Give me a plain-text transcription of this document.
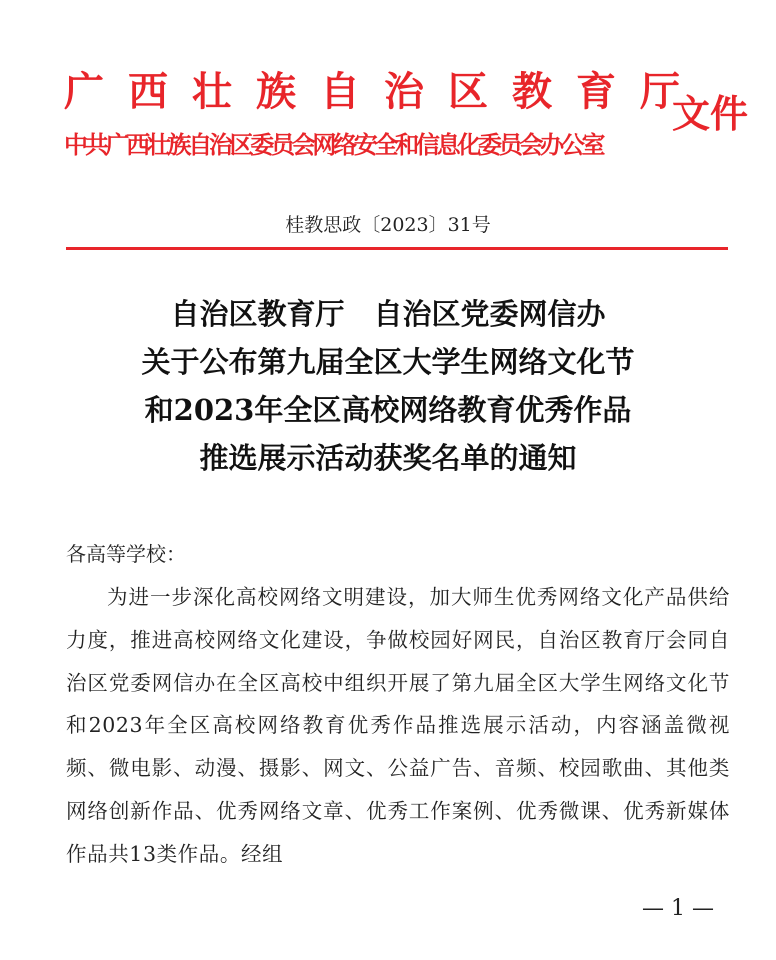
广西壮族自治区教育厅
中共广西壮族自治区委员会网络安全和信息化委员会办公室
文件
桂教思政〔2023〕31号
自治区教育厅　自治区党委网信办
关于公布第九届全区大学生网络文化节
和2023年全区高校网络教育优秀作品
推选展示活动获奖名单的通知
各高等学校：
为进一步深化高校网络文明建设，加大师生优秀网络文化产品供给力度，推进高校网络文化建设，争做校园好网民，自治区教育厅会同自治区党委网信办在全区高校中组织开展了第九届全区大学生网络文化节和2023年全区高校网络教育优秀作品推选展示活动，内容涵盖微视频、微电影、动漫、摄影、网文、公益广告、音频、校园歌曲、其他类网络创新作品、优秀网络文章、优秀工作案例、优秀微课、优秀新媒体作品共13类作品。经组
— 1 —
